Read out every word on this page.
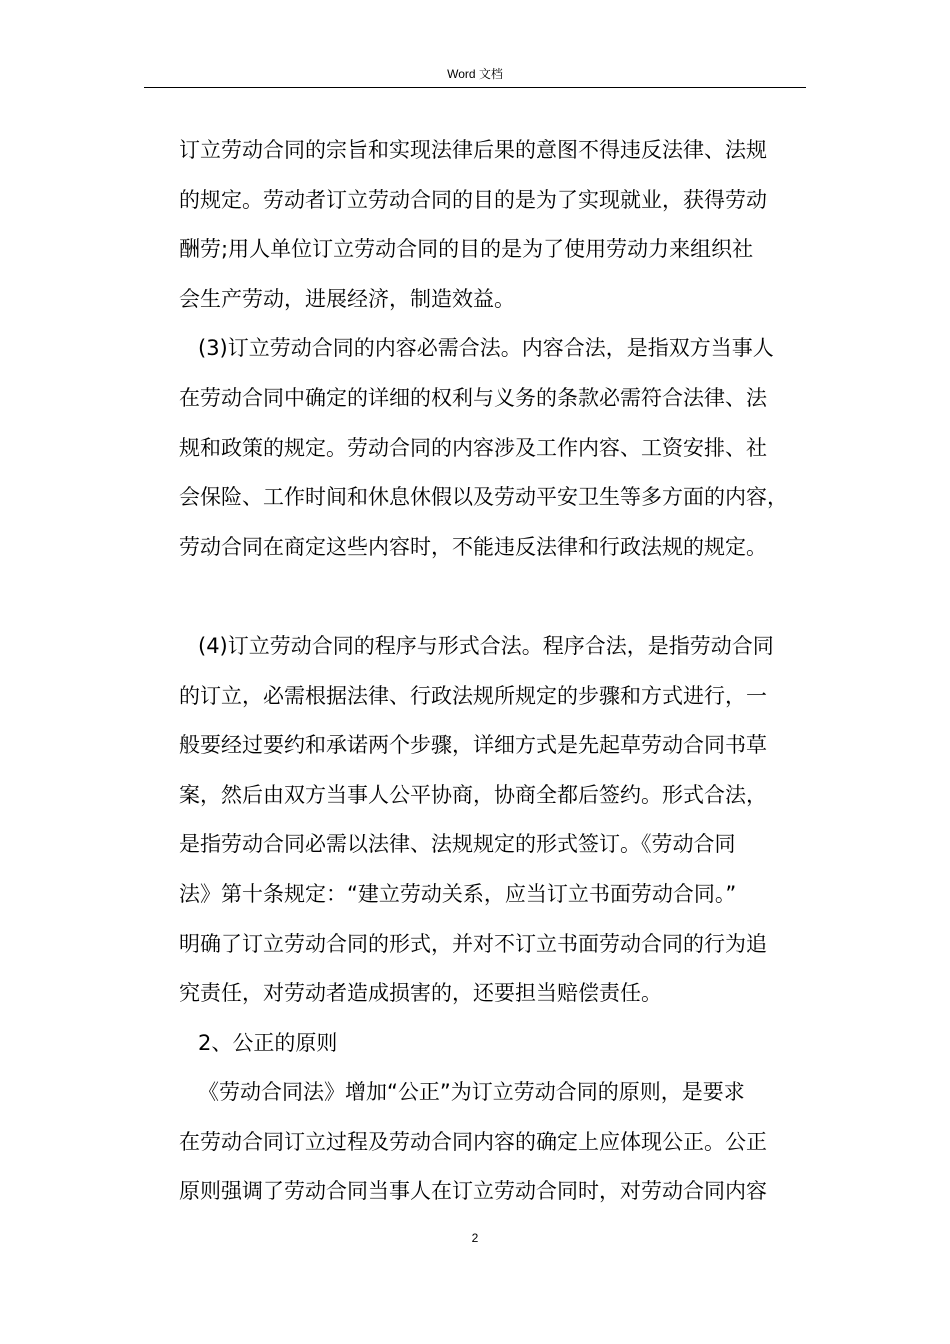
Word 文档
订立劳动合同的宗旨和实现法律后果的意图不得违反法律、法规
的规定。劳动者订立劳动合同的目的是为了实现就业，获得劳动
酬劳;用人单位订立劳动合同的目的是为了使用劳动力来组织社
会生产劳动，进展经济，制造效益。
(3)订立劳动合同的内容必需合法。内容合法，是指双方当事人
在劳动合同中确定的详细的权利与义务的条款必需符合法律、法
规和政策的规定。劳动合同的内容涉及工作内容、工资安排、社
会保险、工作时间和休息休假以及劳动平安卫生等多方面的内容，
劳动合同在商定这些内容时，不能违反法律和行政法规的规定。
(4)订立劳动合同的程序与形式合法。程序合法，是指劳动合同
的订立，必需根据法律、行政法规所规定的步骤和方式进行，一
般要经过要约和承诺两个步骤，详细方式是先起草劳动合同书草
案，然后由双方当事人公平协商，协商全都后签约。形式合法，
是指劳动合同必需以法律、法规规定的形式签订。《劳动合同
法》第十条规定：“建立劳动关系，应当订立书面劳动合同。”
明确了订立劳动合同的形式，并对不订立书面劳动合同的行为追
究责任，对劳动者造成损害的，还要担当赔偿责任。
2、公正的原则
《劳动合同法》增加“公正”为订立劳动合同的原则，是要求
在劳动合同订立过程及劳动合同内容的确定上应体现公正。公正
原则强调了劳动合同当事人在订立劳动合同时，对劳动合同内容
2
